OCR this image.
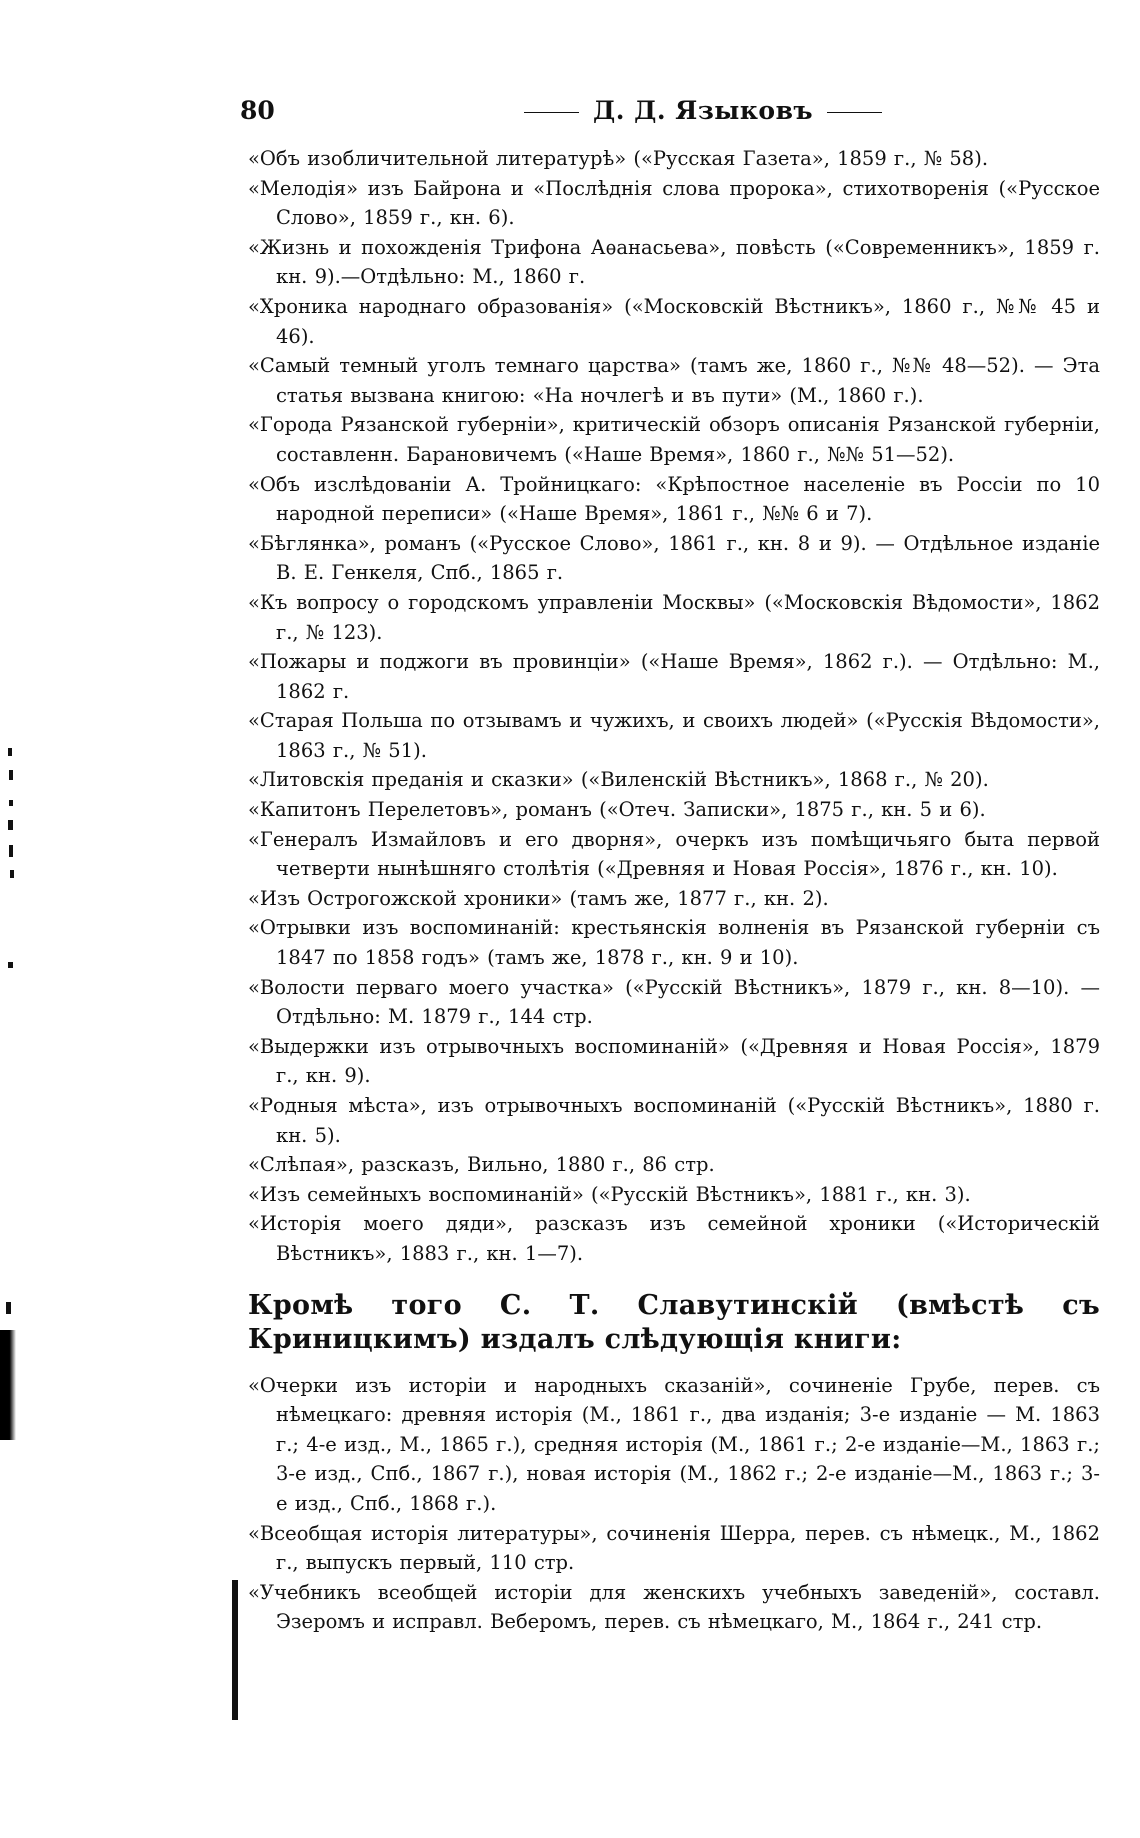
80	Д. Д. Языковъ

«Объ изобличительной литературѣ» («Русская Газета», 1859 г., № 58).

«Мелодія» изъ Байрона и «Послѣднія слова пророка», стихотворенія («Русское Слово», 1859 г., кн. 6).

«Жизнь и похожденія Трифона Аѳанасьева», повѣсть («Современникъ», 1859 г. кн. 9).—Отдѣльно: М., 1860 г.

«Хроника народнаго образованія» («Московскій Вѣстникъ», 1860 г., №№ 45 и 46).

«Самый темный уголъ темнаго царства» (тамъ же, 1860 г., №№ 48—52). — Эта статья вызвана книгою: «На ночлегѣ и въ пути» (М., 1860 г.).

«Города Рязанской губерніи», критическій обзоръ описанія Рязанской губерніи, составленн. Барановичемъ («Наше Время», 1860 г., №№ 51—52).

«Объ изслѣдованіи А. Тройницкаго: «Крѣпостное населеніе въ Россіи по 10 народной переписи» («Наше Время», 1861 г., №№ 6 и 7).

«Бѣглянка», романъ («Русское Слово», 1861 г., кн. 8 и 9). — Отдѣльное изданіе В. Е. Генкеля, Спб., 1865 г.

«Къ вопросу о городскомъ управленіи Москвы» («Московскія Вѣдомости», 1862 г., № 123).

«Пожары и поджоги въ провинціи» («Наше Время», 1862 г.). — Отдѣльно: М., 1862 г.

«Старая Польша по отзывамъ и чужихъ, и своихъ людей» («Русскія Вѣдомости», 1863 г., № 51).

«Литовскія преданія и сказки» («Виленскій Вѣстникъ», 1868 г., № 20).

«Капитонъ Перелетовъ», романъ («Отеч. Записки», 1875 г., кн. 5 и 6).

«Генералъ Измайловъ и его дворня», очеркъ изъ помѣщичьяго быта первой четверти нынѣшняго столѣтія («Древняя и Новая Россія», 1876 г., кн. 10).

«Изъ Острогожской хроники» (тамъ же, 1877 г., кн. 2).

«Отрывки изъ воспоминаній: крестьянскія волненія въ Рязанской губерніи съ 1847 по 1858 годъ» (тамъ же, 1878 г., кн. 9 и 10).

«Волости перваго моего участка» («Русскій Вѣстникъ», 1879 г., кн. 8—10). — Отдѣльно: М. 1879 г., 144 стр.

«Выдержки изъ отрывочныхъ воспоминаній» («Древняя и Новая Россія», 1879 г., кн. 9).

«Родныя мѣста», изъ отрывочныхъ воспоминаній («Русскій Вѣстникъ», 1880 г. кн. 5).

«Слѣпая», разсказъ, Вильно, 1880 г., 86 стр.

«Изъ семейныхъ воспоминаній» («Русскій Вѣстникъ», 1881 г., кн. 3).

«Исторія моего дяди», разсказъ изъ семейной хроники («Историческій Вѣстникъ», 1883 г., кн. 1—7).

Кромѣ того С. Т. Славутинскій (вмѣстѣ съ Криницкимъ) издалъ слѣдующія книги:

«Очерки изъ исторіи и народныхъ сказаній», сочиненіе Грубе, перев. съ нѣмецкаго: древняя исторія (М., 1861 г., два изданія; 3-е изданіе — М. 1863 г.; 4-е изд., М., 1865 г.), средняя исторія (М., 1861 г.; 2-е изданіе—М., 1863 г.; 3-е изд., Спб., 1867 г.), новая исторія (М., 1862 г.; 2-е изданіе—М., 1863 г.; 3-е изд., Спб., 1868 г.).

«Всеобщая исторія литературы», сочиненія Шерра, перев. съ нѣмецк., М., 1862 г., выпускъ первый, 110 стр.

«Учебникъ всеобщей исторіи для женскихъ учебныхъ заведеній», составл. Эзеромъ и исправл. Веберомъ, перев. съ нѣмецкаго, М., 1864 г., 241 стр.
